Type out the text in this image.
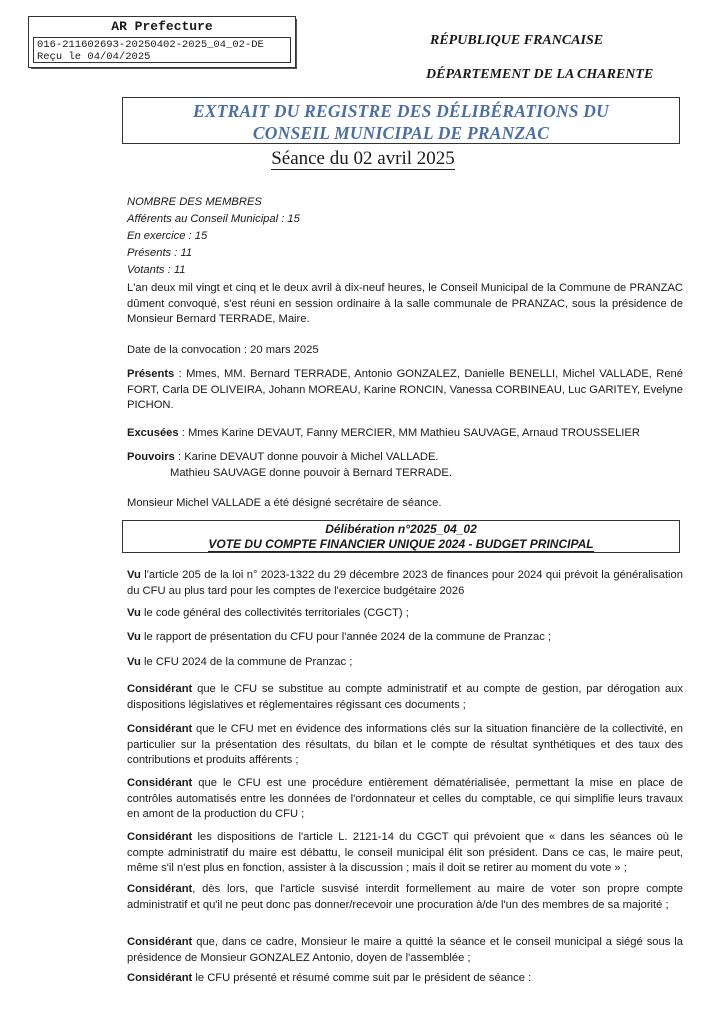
AR Prefecture
016-211602693-20250402-2025_04_02-DE
Reçu le 04/04/2025
RÉPUBLIQUE FRANCAISE
DÉPARTEMENT DE LA CHARENTE
EXTRAIT DU REGISTRE DES DÉLIBÉRATIONS DU
CONSEIL MUNICIPAL DE PRANZAC
Séance du 02 avril 2025
NOMBRE DES MEMBRES
Afférents au Conseil Municipal : 15
En exercice : 15
Présents : 11
Votants : 11
L'an deux mil vingt et cinq et le deux avril à dix-neuf heures, le Conseil Municipal de la Commune de PRANZAC dûment convoqué, s'est réuni en session ordinaire à la salle communale de PRANZAC, sous la présidence de Monsieur Bernard TERRADE, Maire.
Date de la convocation : 20 mars 2025
Présents : Mmes, MM. Bernard TERRADE, Antonio GONZALEZ, Danielle BENELLI, Michel VALLADE, René FORT, Carla DE OLIVEIRA, Johann MOREAU, Karine RONCIN, Vanessa CORBINEAU, Luc GARITEY, Evelyne PICHON.
Excusées : Mmes Karine DEVAUT, Fanny MERCIER, MM Mathieu SAUVAGE, Arnaud TROUSSELIER
Pouvoirs : Karine DEVAUT donne pouvoir à Michel VALLADE.
Mathieu SAUVAGE donne pouvoir à Bernard TERRADE.
Monsieur Michel VALLADE a été désigné secrétaire de séance.
Délibération n°2025_04_02
VOTE DU COMPTE FINANCIER UNIQUE 2024 - BUDGET PRINCIPAL
Vu l'article 205 de la loi n° 2023-1322 du 29 décembre 2023 de finances pour 2024 qui prévoit la généralisation du CFU au plus tard pour les comptes de l'exercice budgétaire 2026
Vu le code général des collectivités territoriales (CGCT) ;
Vu le rapport de présentation du CFU pour l'année 2024 de la commune de Pranzac ;
Vu le CFU 2024 de la commune de Pranzac ;
Considérant que le CFU se substitue au compte administratif et au compte de gestion, par dérogation aux dispositions législatives et réglementaires régissant ces documents ;
Considérant que le CFU met en évidence des informations clés sur la situation financière de la collectivité, en particulier sur la présentation des résultats, du bilan et le compte de résultat synthétiques et des taux des contributions et produits afférents ;
Considérant que le CFU est une procédure entièrement dématérialisée, permettant la mise en place de contrôles automatisés entre les données de l'ordonnateur et celles du comptable, ce qui simplifie leurs travaux en amont de la production du CFU ;
Considérant les dispositions de l'article L. 2121-14 du CGCT qui prévoient que « dans les séances où le compte administratif du maire est débattu, le conseil municipal élit son président. Dans ce cas, le maire peut, même s'il n'est plus en fonction, assister à la discussion ; mais il doit se retirer au moment du vote » ;
Considérant, dès lors, que l'article susvisé interdit formellement au maire de voter son propre compte administratif et qu'il ne peut donc pas donner/recevoir une procuration à/de l'un des membres de sa majorité ;
Considérant que, dans ce cadre, Monsieur le maire a quitté la séance et le conseil municipal a siégé sous la présidence de Monsieur GONZALEZ Antonio, doyen de l'assemblée ;
Considérant le CFU présenté et résumé comme suit par le président de séance :
